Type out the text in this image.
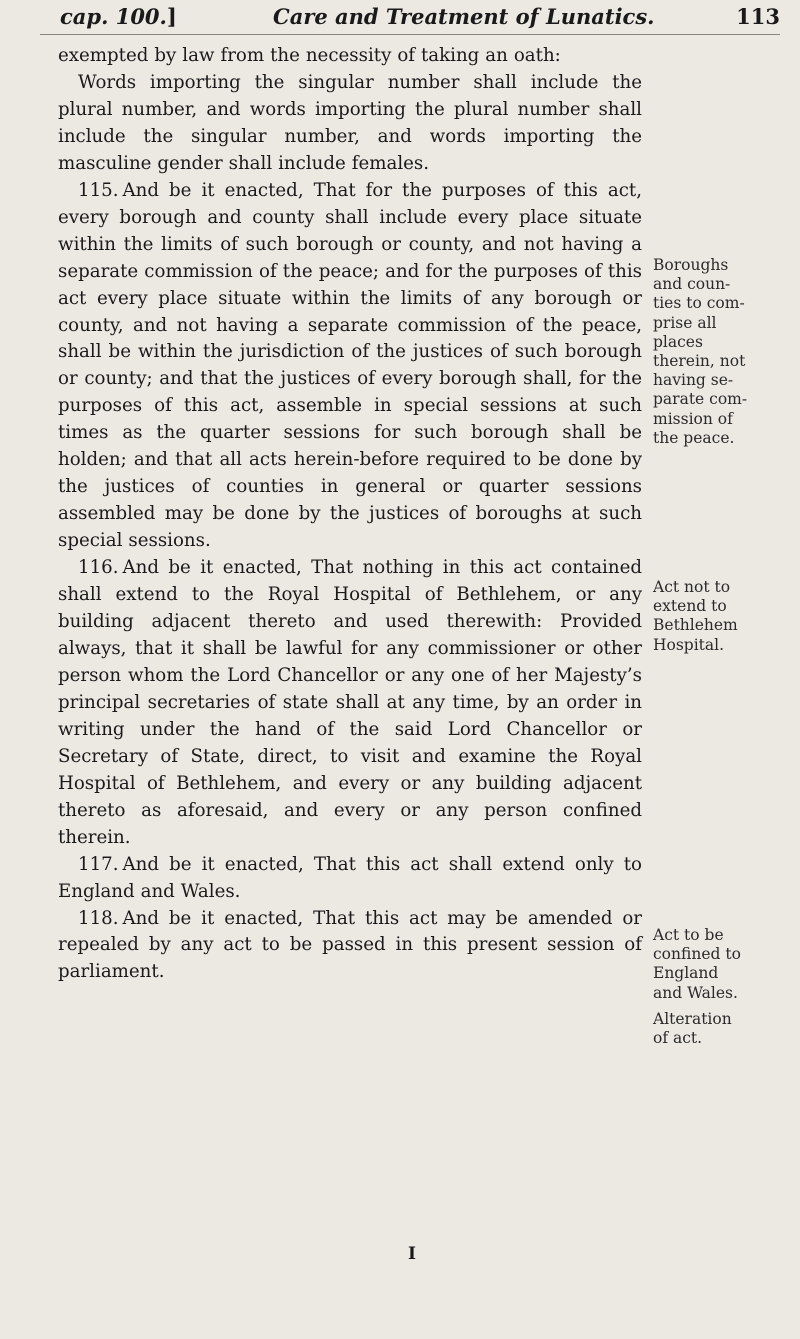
cap. 100.]	Care and Treatment of Lunatics.	113

exempted by law from the necessity of taking an oath:

Words importing the singular number shall include the plural number, and words importing the plural number shall include the singular number, and words importing the masculine gender shall include females.

115. And be it enacted, That for the purposes of this act, every borough and county shall include every place situate within the limits of such borough or county, and not having a separate commission of the peace; and for the purposes of this act every place situate within the limits of any borough or county, and not having a separate commission of the peace, shall be within the jurisdiction of the justices of such borough or county; and that the justices of every borough shall, for the purposes of this act, assemble in special sessions at such times as the quarter sessions for such borough shall be holden; and that all acts herein-before required to be done by the justices of counties in general or quarter sessions assembled may be done by the justices of boroughs at such special sessions.

116. And be it enacted, That nothing in this act contained shall extend to the Royal Hospital of Bethlehem, or any building adjacent thereto and used therewith: Provided always, that it shall be lawful for any commissioner or other person whom the Lord Chancellor or any one of her Majesty’s principal secretaries of state shall at any time, by an order in writing under the hand of the said Lord Chancellor or Secretary of State, direct, to visit and examine the Royal Hospital of Bethlehem, and every or any building adjacent thereto as aforesaid, and every or any person confined therein.

117. And be it enacted, That this act shall extend only to England and Wales.

118. And be it enacted, That this act may be amended or repealed by any act to be passed in this present session of parliament.

Boroughs
and coun-
ties to com-
prise all
places
therein, not
having se-
parate com-
mission of
the peace.
Act not to
extend to
Bethlehem
Hospital.
Act to be
confined to
England
and Wales.
Alteration
of act.
I
